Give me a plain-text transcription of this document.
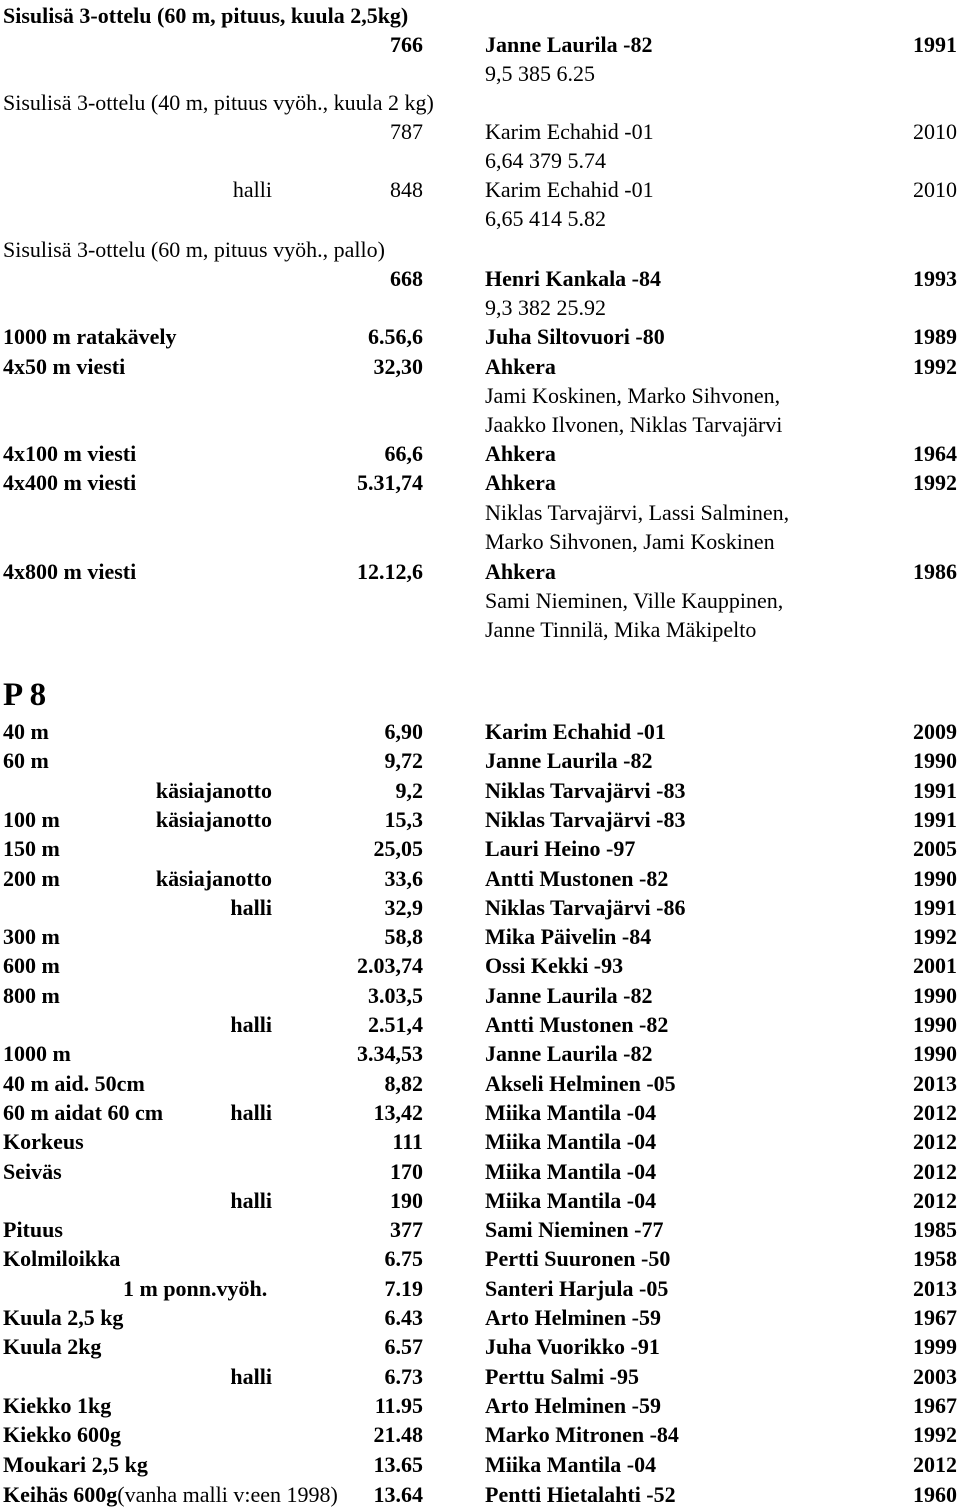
Sisulisä 3-ottelu (60 m, pituus, kuula 2,5kg)
766	Janne Laurila -82	1991
9,5 385 6.25
Sisulisä 3-ottelu (40 m, pituus vyöh., kuula 2 kg)
787	Karim Echahid -01	2010
6,64 379 5.74
halli	848	Karim Echahid -01	2010
6,65 414 5.82
Sisulisä 3-ottelu (60 m, pituus vyöh., pallo)
668	Henri Kankala -84	1993
9,3 382 25.92
1000 m ratakävely	6.56,6	Juha Siltovuori -80	1989
4x50 m viesti	32,30	Ahkera	1992
Jami Koskinen, Marko Sihvonen,
Jaakko Ilvonen, Niklas Tarvajärvi
4x100 m viesti	66,6	Ahkera	1964
4x400 m viesti	5.31,74	Ahkera	1992
Niklas Tarvajärvi, Lassi Salminen,
Marko Sihvonen, Jami Koskinen
4x800 m viesti	12.12,6	Ahkera	1986
Sami Nieminen, Ville Kauppinen,
Janne Tinnilä, Mika Mäkipelto
P 8
40 m	6,90	Karim Echahid -01	2009
60 m	9,72	Janne Laurila -82	1990
käsiajanotto	9,2	Niklas Tarvajärvi -83	1991
100 m	käsiajanotto	15,3	Niklas Tarvajärvi -83	1991
150 m	25,05	Lauri Heino -97	2005
200 m	käsiajanotto	33,6	Antti Mustonen -82	1990
halli	32,9	Niklas Tarvajärvi -86	1991
300 m	58,8	Mika Päivelin -84	1992
600 m	2.03,74	Ossi Kekki -93	2001
800 m	3.03,5	Janne Laurila -82	1990
halli	2.51,4	Antti Mustonen -82	1990
1000 m	3.34,53	Janne Laurila -82	1990
40 m aid. 50cm	8,82	Akseli Helminen -05	2013
60 m aidat 60 cm	halli	13,42	Miika Mantila -04	2012
Korkeus	111	Miika Mantila -04	2012
Seiväs	170	Miika Mantila -04	2012
halli	190	Miika Mantila -04	2012
Pituus	377	Sami Nieminen -77	1985
Kolmiloikka	6.75	Pertti Suuronen -50	1958
1 m ponn.vyöh.	7.19	Santeri Harjula -05	2013
Kuula 2,5 kg	6.43	Arto Helminen -59	1967
Kuula 2kg	6.57	Juha Vuorikko -91	1999
halli	6.73	Perttu Salmi -95	2003
Kiekko 1kg	11.95	Arto Helminen -59	1967
Kiekko 600g	21.48	Marko Mitronen -84	1992
Moukari 2,5 kg	13.65	Miika Mantila -04	2012
Keihäs 600g(vanha malli v:een 1998) 13.64	Pentti Hietalahti -52	1960
